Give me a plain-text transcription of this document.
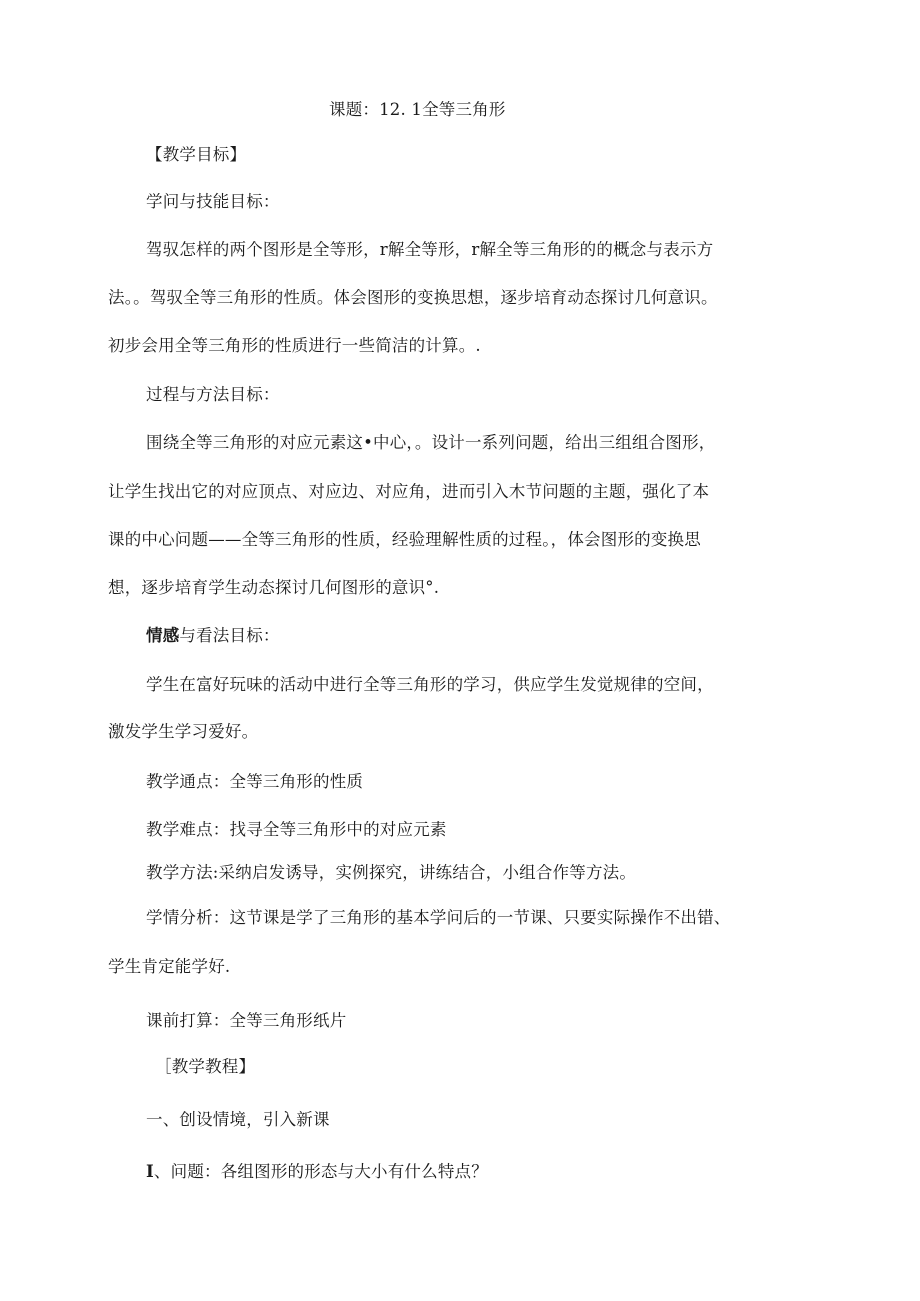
课题：12. 1全等三角形
【教学目标】
学问与技能目标：
驾驭怎样的两个图形是全等形，r解全等形，r解全等三角形的的概念与表示方
法。。驾驭全等三角形的性质。体会图形的变换思想，逐步培育动态探讨几何意识。
初步会用全等三角形的性质进行一些简洁的计算。.
过程与方法目标：
围绕全等三角形的对应元素这•中心，。设计一系列问题，给出三组组合图形，
让学生找出它的对应顶点、对应边、对应角，进而引入木节问题的主题，强化了本
课的中心问题——全等三角形的性质，经验理解性质的过程。，体会图形的变换思
想，逐步培育学生动态探讨几何图形的意识°.
情感与看法目标：
学生在富好玩味的活动中进行全等三角形的学习，供应学生发觉规律的空间，
激发学生学习爱好。
教学通点：全等三角形的性质
教学难点：找寻全等三角形中的对应元素
教学方法:采纳启发诱导，实例探究，讲练结合，小组合作等方法。
学情分析：这节课是学了三角形的基本学问后的一节课、只要实际操作不出错、
学生肯定能学好.
课前打算：全等三角形纸片
［教学教程】
一、创设情境，引入新课
I、问题：各组图形的形态与大小有什么特点？
